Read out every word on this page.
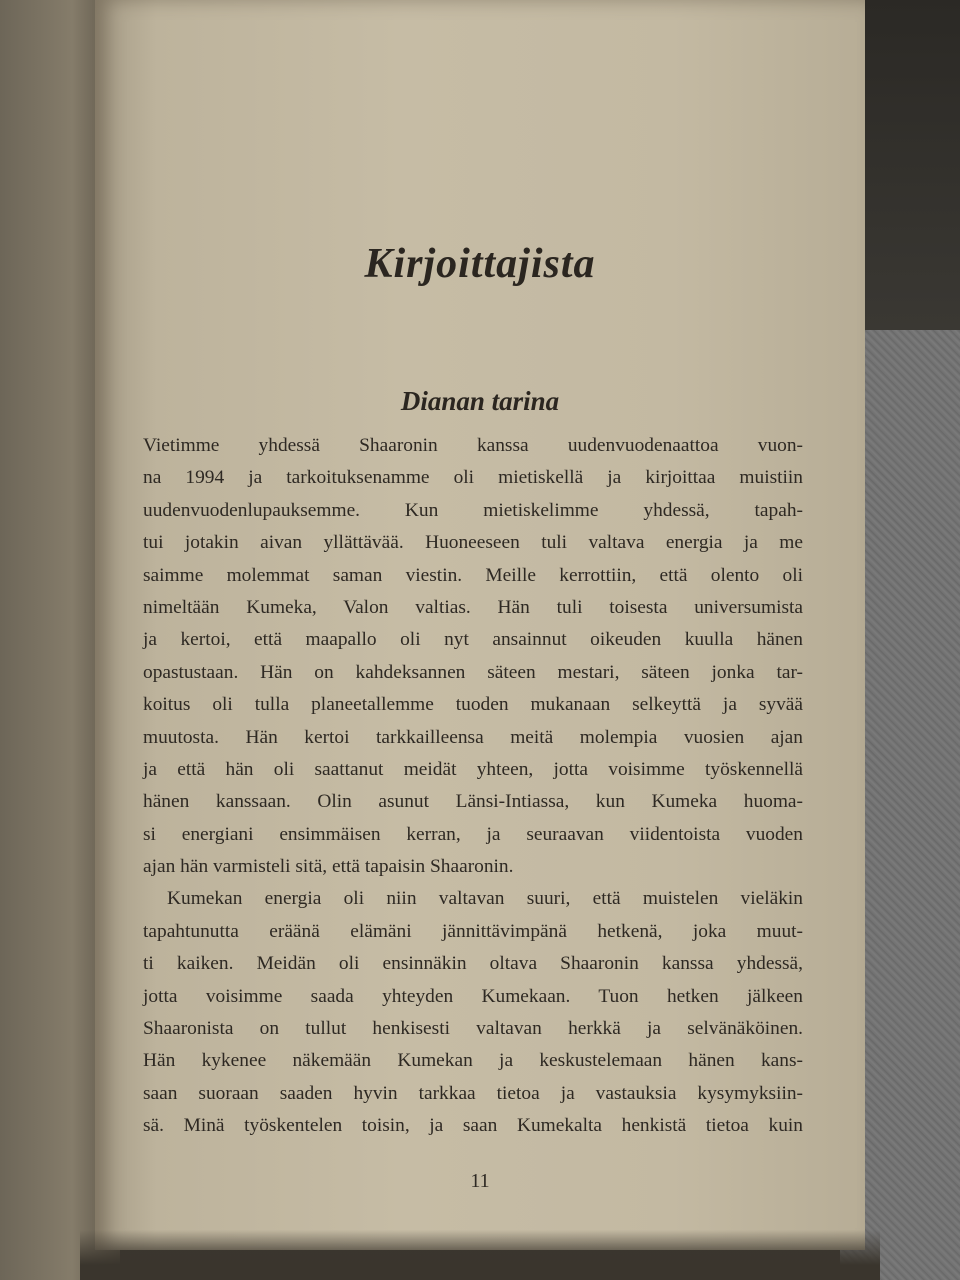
Kirjoittajista
Dianan tarina
Vietimme yhdessä Shaaronin kanssa uudenvuodenaattoa vuon-
na 1994 ja tarkoituksenamme oli mietiskellä ja kirjoittaa muistiin
uudenvuodenlupauksemme. Kun mietiskelimme yhdessä, tapah-
tui jotakin aivan yllättävää. Huoneeseen tuli valtava energia ja me
saimme molemmat saman viestin. Meille kerrottiin, että olento oli
nimeltään Kumeka, Valon valtias. Hän tuli toisesta universumista
ja kertoi, että maapallo oli nyt ansainnut oikeuden kuulla hänen
opastustaan. Hän on kahdeksannen säteen mestari, säteen jonka tar-
koitus oli tulla planeetallemme tuoden mukanaan selkeyttä ja syvää
muutosta. Hän kertoi tarkkailleensa meitä molempia vuosien ajan
ja että hän oli saattanut meidät yhteen, jotta voisimme työskennellä
hänen kanssaan. Olin asunut Länsi-Intiassa, kun Kumeka huoma-
si energiani ensimmäisen kerran, ja seuraavan viidentoista vuoden
ajan hän varmisteli sitä, että tapaisin Shaaronin.
Kumekan energia oli niin valtavan suuri, että muistelen vieläkin
tapahtunutta eräänä elämäni jännittävimpänä hetkenä, joka muut-
ti kaiken. Meidän oli ensinnäkin oltava Shaaronin kanssa yhdessä,
jotta voisimme saada yhteyden Kumekaan. Tuon hetken jälkeen
Shaaronista on tullut henkisesti valtavan herkkä ja selvänäköinen.
Hän kykenee näkemään Kumekan ja keskustelemaan hänen kans-
saan suoraan saaden hyvin tarkkaa tietoa ja vastauksia kysymyksiin-
sä. Minä työskentelen toisin, ja saan Kumekalta henkistä tietoa kuin
11
